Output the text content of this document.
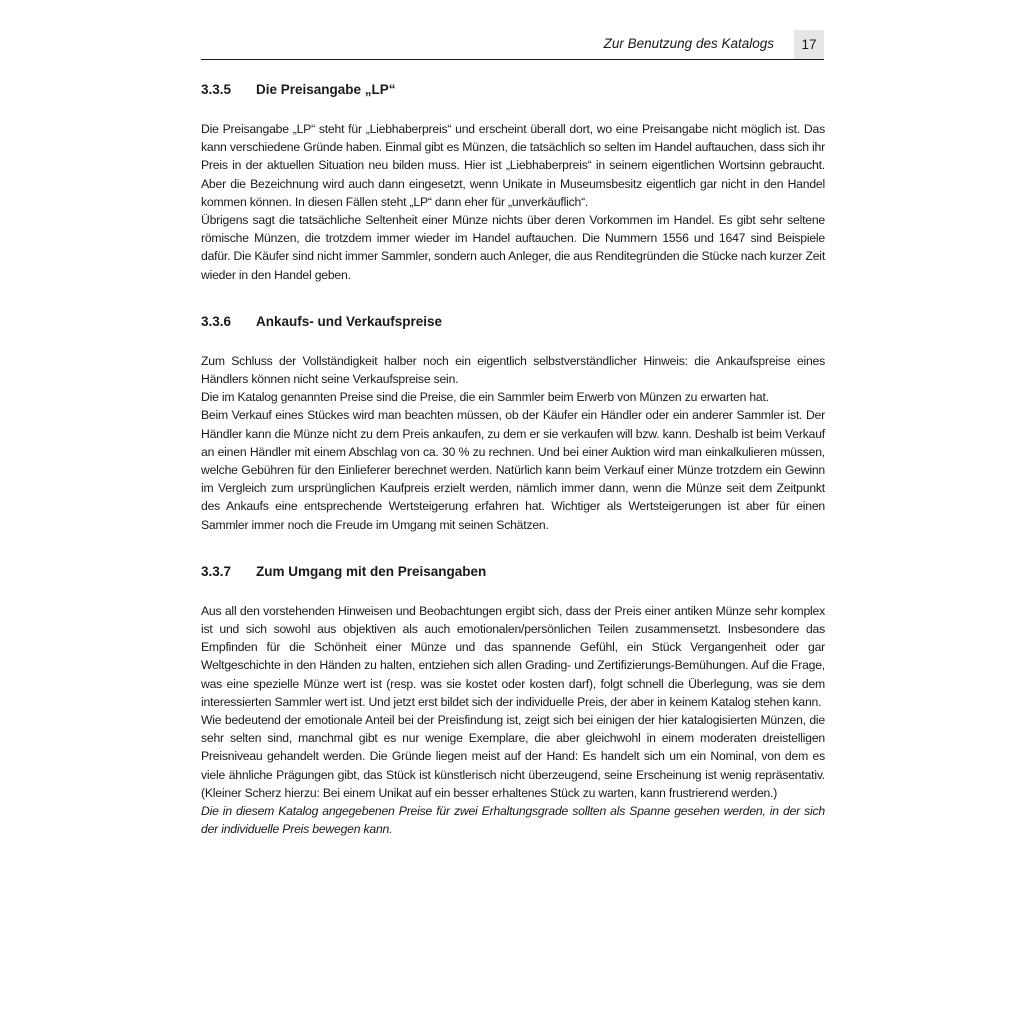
Zur Benutzung des Katalogs	17
3.3.5	Die Preisangabe „LP“

Die Preisangabe „LP“ steht für „Liebhaberpreis“ und erscheint überall dort, wo eine Preisangabe nicht möglich ist. Das kann verschiedene Gründe haben. Einmal gibt es Münzen, die tatsächlich so selten im Handel auftauchen, dass sich ihr Preis in der aktuellen Situation neu bilden muss. Hier ist „Liebhaberpreis“ in seinem eigentlichen Wortsinn gebraucht. Aber die Bezeichnung wird auch dann eingesetzt, wenn Unikate in Museumsbesitz eigentlich gar nicht in den Handel kommen können. In diesen Fällen steht „LP“ dann eher für „unverkäuflich“.

Übrigens sagt die tatsächliche Seltenheit einer Münze nichts über deren Vorkommen im Handel. Es gibt sehr seltene römische Münzen, die trotzdem immer wieder im Handel auftauchen. Die Nummern 1556 und 1647 sind Beispiele dafür. Die Käufer sind nicht immer Sammler, sondern auch Anleger, die aus Renditegründen die Stücke nach kurzer Zeit wieder in den Handel geben.

3.3.6	Ankaufs- und Verkaufspreise

Zum Schluss der Vollständigkeit halber noch ein eigentlich selbstverständlicher Hinweis: die Ankaufspreise eines Händlers können nicht seine Verkaufspreise sein.

Die im Katalog genannten Preise sind die Preise, die ein Sammler beim Erwerb von Münzen zu erwarten hat.

Beim Verkauf eines Stückes wird man beachten müssen, ob der Käufer ein Händler oder ein anderer Sammler ist. Der Händler kann die Münze nicht zu dem Preis ankaufen, zu dem er sie verkaufen will bzw. kann. Deshalb ist beim Verkauf an einen Händler mit einem Abschlag von ca. 30 % zu rechnen. Und bei einer Auktion wird man einkalkulieren müssen, welche Gebühren für den Einlieferer berechnet werden. Natürlich kann beim Verkauf einer Münze trotzdem ein Gewinn im Vergleich zum ursprünglichen Kaufpreis erzielt werden, nämlich immer dann, wenn die Münze seit dem Zeitpunkt des Ankaufs eine entsprechende Wertsteigerung erfahren hat. Wichtiger als Wertsteigerungen ist aber für einen Sammler immer noch die Freude im Umgang mit seinen Schätzen.

3.3.7	Zum Umgang mit den Preisangaben

Aus all den vorstehenden Hinweisen und Beobachtungen ergibt sich, dass der Preis einer antiken Münze sehr komplex ist und sich sowohl aus objektiven als auch emotionalen/persönlichen Teilen zusammensetzt. Insbesondere das Empfinden für die Schönheit einer Münze und das spannende Gefühl, ein Stück Vergangenheit oder gar Weltgeschichte in den Händen zu halten, entziehen sich allen Grading- und Zertifizierungs-Bemühungen. Auf die Frage, was eine spezielle Münze wert ist (resp. was sie kostet oder kosten darf), folgt schnell die Überlegung, was sie dem interessierten Sammler wert ist. Und jetzt erst bildet sich der individuelle Preis, der aber in keinem Katalog stehen kann.

Wie bedeutend der emotionale Anteil bei der Preisfindung ist, zeigt sich bei einigen der hier katalogisierten Münzen, die sehr selten sind, manchmal gibt es nur wenige Exemplare, die aber gleichwohl in einem moderaten dreistelligen Preisniveau gehandelt werden. Die Gründe liegen meist auf der Hand: Es handelt sich um ein Nominal, von dem es viele ähnliche Prägungen gibt, das Stück ist künstlerisch nicht überzeugend, seine Erscheinung ist wenig repräsentativ. (Kleiner Scherz hierzu: Bei einem Unikat auf ein besser erhaltenes Stück zu warten, kann frustrierend werden.)

Die in diesem Katalog angegebenen Preise für zwei Erhaltungsgrade sollten als Spanne gesehen werden, in der sich der individuelle Preis bewegen kann.
